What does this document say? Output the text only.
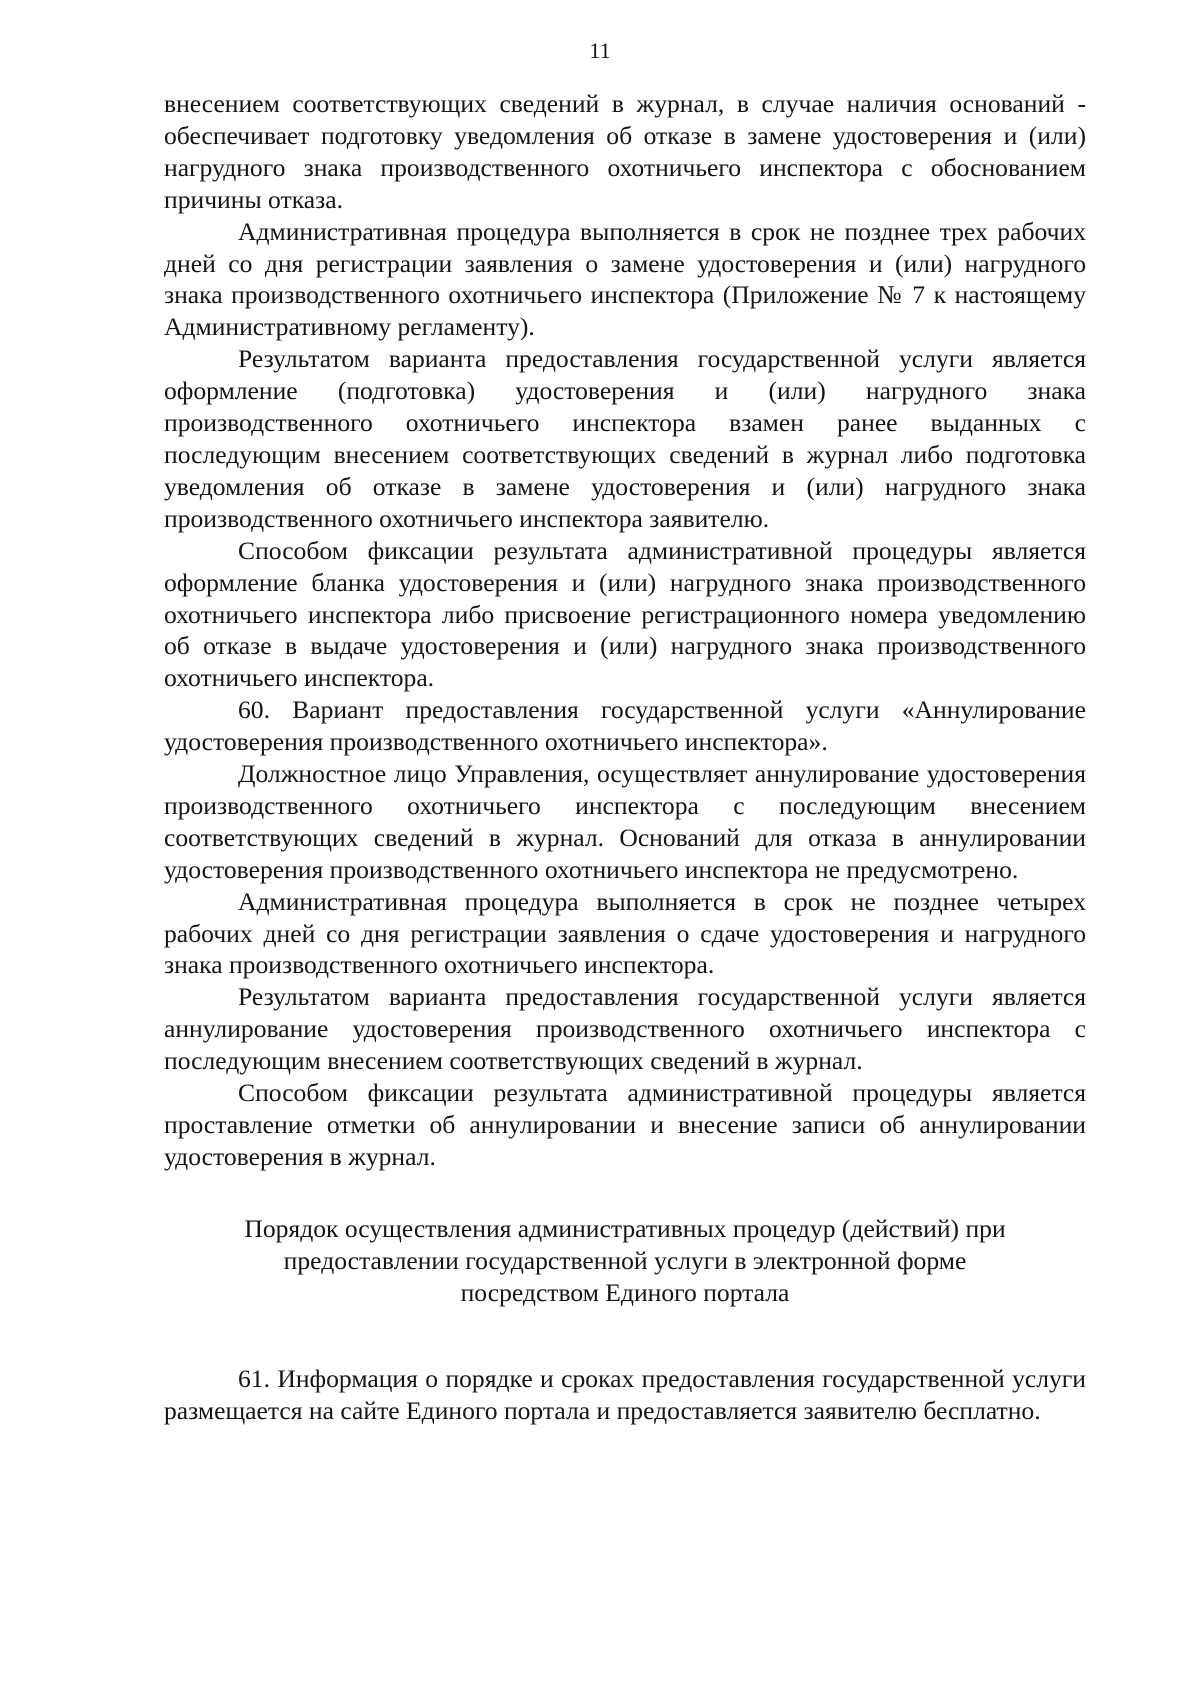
11

внесением соответствующих сведений в журнал, в случае наличия оснований - обеспечивает подготовку уведомления об отказе в замене удостоверения и (или) нагрудного знака производственного охотничьего инспектора с обоснованием причины отказа.

Административная процедура выполняется в срок не позднее трех рабочих дней со дня регистрации заявления о замене удостоверения и (или) нагрудного знака производственного охотничьего инспектора (Приложение № 7 к настоящему Административному регламенту).

Результатом варианта предоставления государственной услуги является оформление (подготовка) удостоверения и (или) нагрудного знака производственного охотничьего инспектора взамен ранее выданных с последующим внесением соответствующих сведений в журнал либо подготовка уведомления об отказе в замене удостоверения и (или) нагрудного знака производственного охотничьего инспектора заявителю.

Способом фиксации результата административной процедуры является оформление бланка удостоверения и (или) нагрудного знака производственного охотничьего инспектора либо присвоение регистрационного номера уведомлению об отказе в выдаче удостоверения и (или) нагрудного знака производственного охотничьего инспектора.

60. Вариант предоставления государственной услуги «Аннулирование удостоверения производственного охотничьего инспектора».

Должностное лицо Управления, осуществляет аннулирование удостоверения производственного охотничьего инспектора с последующим внесением соответствующих сведений в журнал. Оснований для отказа в аннулировании удостоверения производственного охотничьего инспектора не предусмотрено.

Административная процедура выполняется в срок не позднее четырех рабочих дней со дня регистрации заявления о сдаче удостоверения и нагрудного знака производственного охотничьего инспектора.

Результатом варианта предоставления государственной услуги является аннулирование удостоверения производственного охотничьего инспектора с последующим внесением соответствующих сведений в журнал.

Способом фиксации результата административной процедуры является проставление отметки об аннулировании и внесение записи об аннулировании удостоверения в журнал.

Порядок осуществления административных процедур (действий) при
предоставлении государственной услуги в электронной форме
посредством Единого портала

61. Информация о порядке и сроках предоставления государственной услуги размещается на сайте Единого портала и предоставляется заявителю бесплатно.
